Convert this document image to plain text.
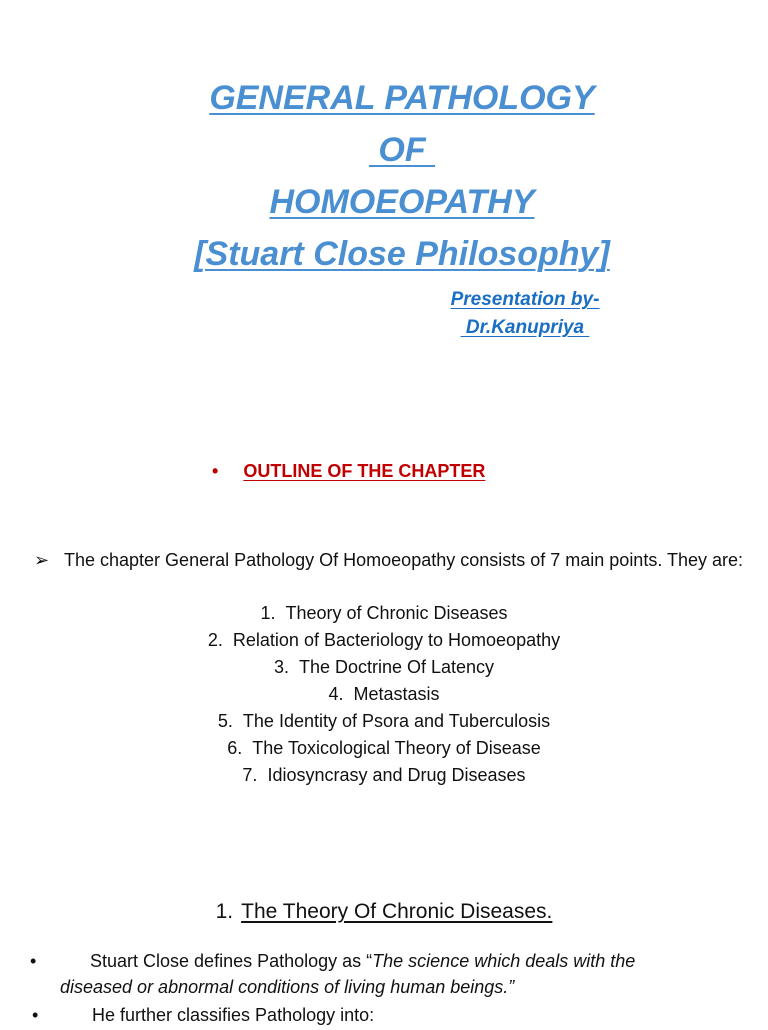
GENERAL PATHOLOGY
OF
HOMOEOPATHY
[Stuart Close Philosophy]
Presentation by-
Dr.Kanupriya
• OUTLINE OF THE CHAPTER
➢ The chapter General Pathology Of Homoeopathy consists of 7 main points. They are:
1. Theory of Chronic Diseases
2. Relation of Bacteriology to Homoeopathy
3. The Doctrine Of Latency
4. Metastasis
5. The Identity of Psora and Tuberculosis
6. The Toxicological Theory of Disease
7. Idiosyncrasy and Drug Diseases
1. The Theory Of Chronic Diseases.
•	Stuart Close defines Pathology as “The science which deals with the
diseased or abnormal conditions of living human beings.”
•	He further classifies Pathology into:
